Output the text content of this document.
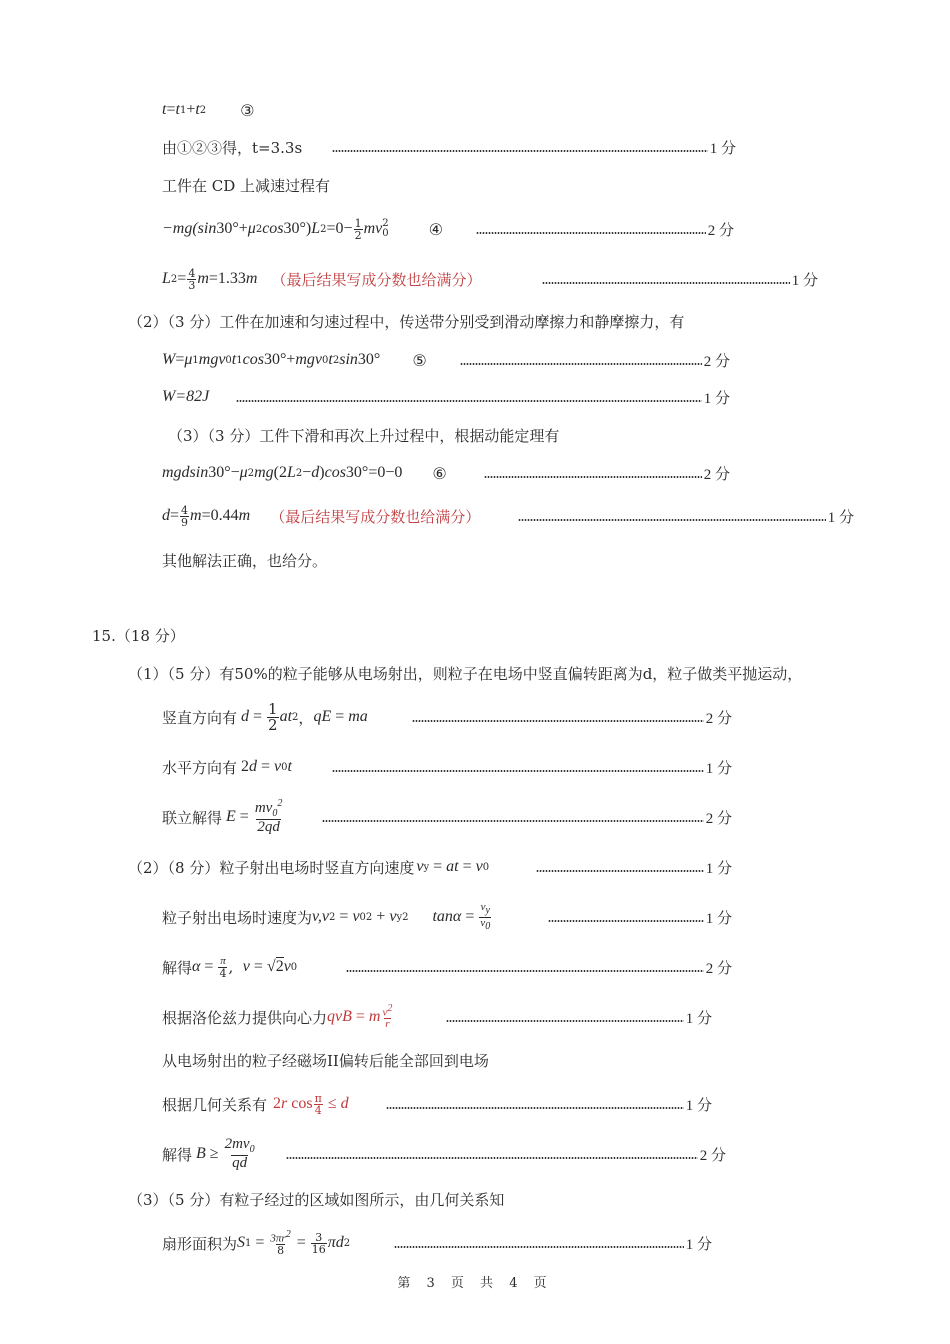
t = t 1 + t 2 ③
由①②③得，t=3.3s	1 分
工件在 CD 上减速过程有
−mg(sin 30°+ μ 2 cos 30°) L $2 =0- \frac{1}{2}$ mv 2
0	④	2 分
L $2 = \frac{4}{3}$ m =1.33 m （最后结果写成分数也给满分）	1 分
（2）（3 分）工件在加速和匀速过程中，传送带分别受到滑动摩擦力和静摩擦力，有
W = μ 1 mgv 0 t 1 cos 30°+ mgv 0 t 2 sin 30° ⑤	2 分
W=82J	1 分
（3）（3 分）工件下滑和再次上升过程中，根据动能定理有
mgdsin 30°− μ 2 mg (2 L 2 − d ) cos 30°=0−0 ⑥	2 分
$d = \frac{4}{9}$ m =0.44 m （最后结果写成分数也给满分）	1 分
其他解法正确，也给分。
15.（18 分）
（1）（5 分）有50%的粒子能够从电场射出，则粒子在电场中竖直偏转距离为d，粒子做类平抛运动，
竖直方向有 $d = \frac{1}{2}$ at 2 ， qE = ma	2 分
水平方向有 2 d = v 0 t	1 分
联立解得 $E = \frac{mv_0^2}{2qd}$	2 分
（2）（8 分）粒子射出电场时竖直方向速度 v y = at = v 0	1 分
粒子射出电场时速度为 v,v 2 = v 0 2 + v y 2 $\tan\alpha = \frac{v_y}{v_0}$	1 分
解得 $\alpha = \frac{\pi}{4}$ , v = √2 v 0	2 分
根据洛伦兹力提供向心力 qvB = m $\frac{v^2}{r}$	1 分
从电场射出的粒子经磁场II偏转后能全部回到电场
根据几何关系有 2 r $\cos \frac{\pi}{4} \le d$	1 分
解得 $B \ge \frac{2mv_0}{qd}$	2 分
（3）（5 分）有粒子经过的区域如图所示，由几何关系知
扇形面积为 S $1 = \frac{3\pi r^2}{8} = \frac{3}{16}$ πd 2	1 分
第 3 页 共 4 页
